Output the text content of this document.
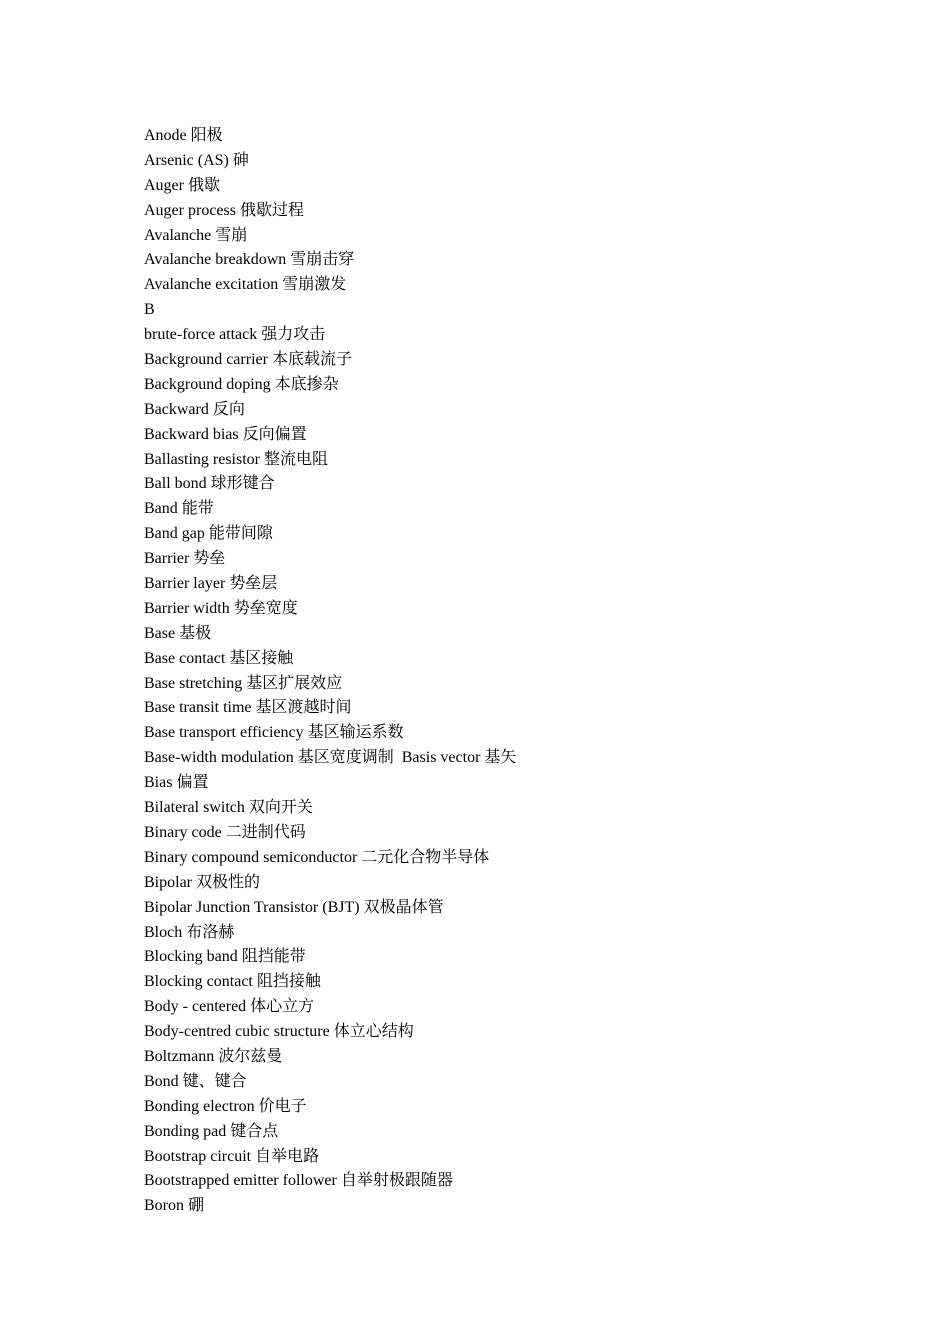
Anode 阳极
Arsenic (AS) 砷
Auger 俄歇
Auger process 俄歇过程
Avalanche 雪崩
Avalanche breakdown 雪崩击穿
Avalanche excitation 雪崩激发
B
brute-force attack 强力攻击
Background carrier 本底载流子
Background doping 本底掺杂
Backward 反向
Backward bias 反向偏置
Ballasting resistor 整流电阻
Ball bond 球形键合
Band 能带
Band gap 能带间隙
Barrier 势垒
Barrier layer 势垒层
Barrier width 势垒宽度
Base 基极
Base contact 基区接触
Base stretching 基区扩展效应
Base transit time 基区渡越时间
Base transport efficiency 基区输运系数
Base-width modulation 基区宽度调制  Basis vector 基矢
Bias 偏置
Bilateral switch 双向开关
Binary code 二进制代码
Binary compound semiconductor 二元化合物半导体
Bipolar 双极性的
Bipolar Junction Transistor (BJT) 双极晶体管
Bloch 布洛赫
Blocking band 阻挡能带
Blocking contact 阻挡接触
Body - centered 体心立方
Body-centred cubic structure 体立心结构
Boltzmann 波尔兹曼
Bond 键、键合
Bonding electron 价电子
Bonding pad 键合点
Bootstrap circuit 自举电路
Bootstrapped emitter follower 自举射极跟随器
Boron 硼
